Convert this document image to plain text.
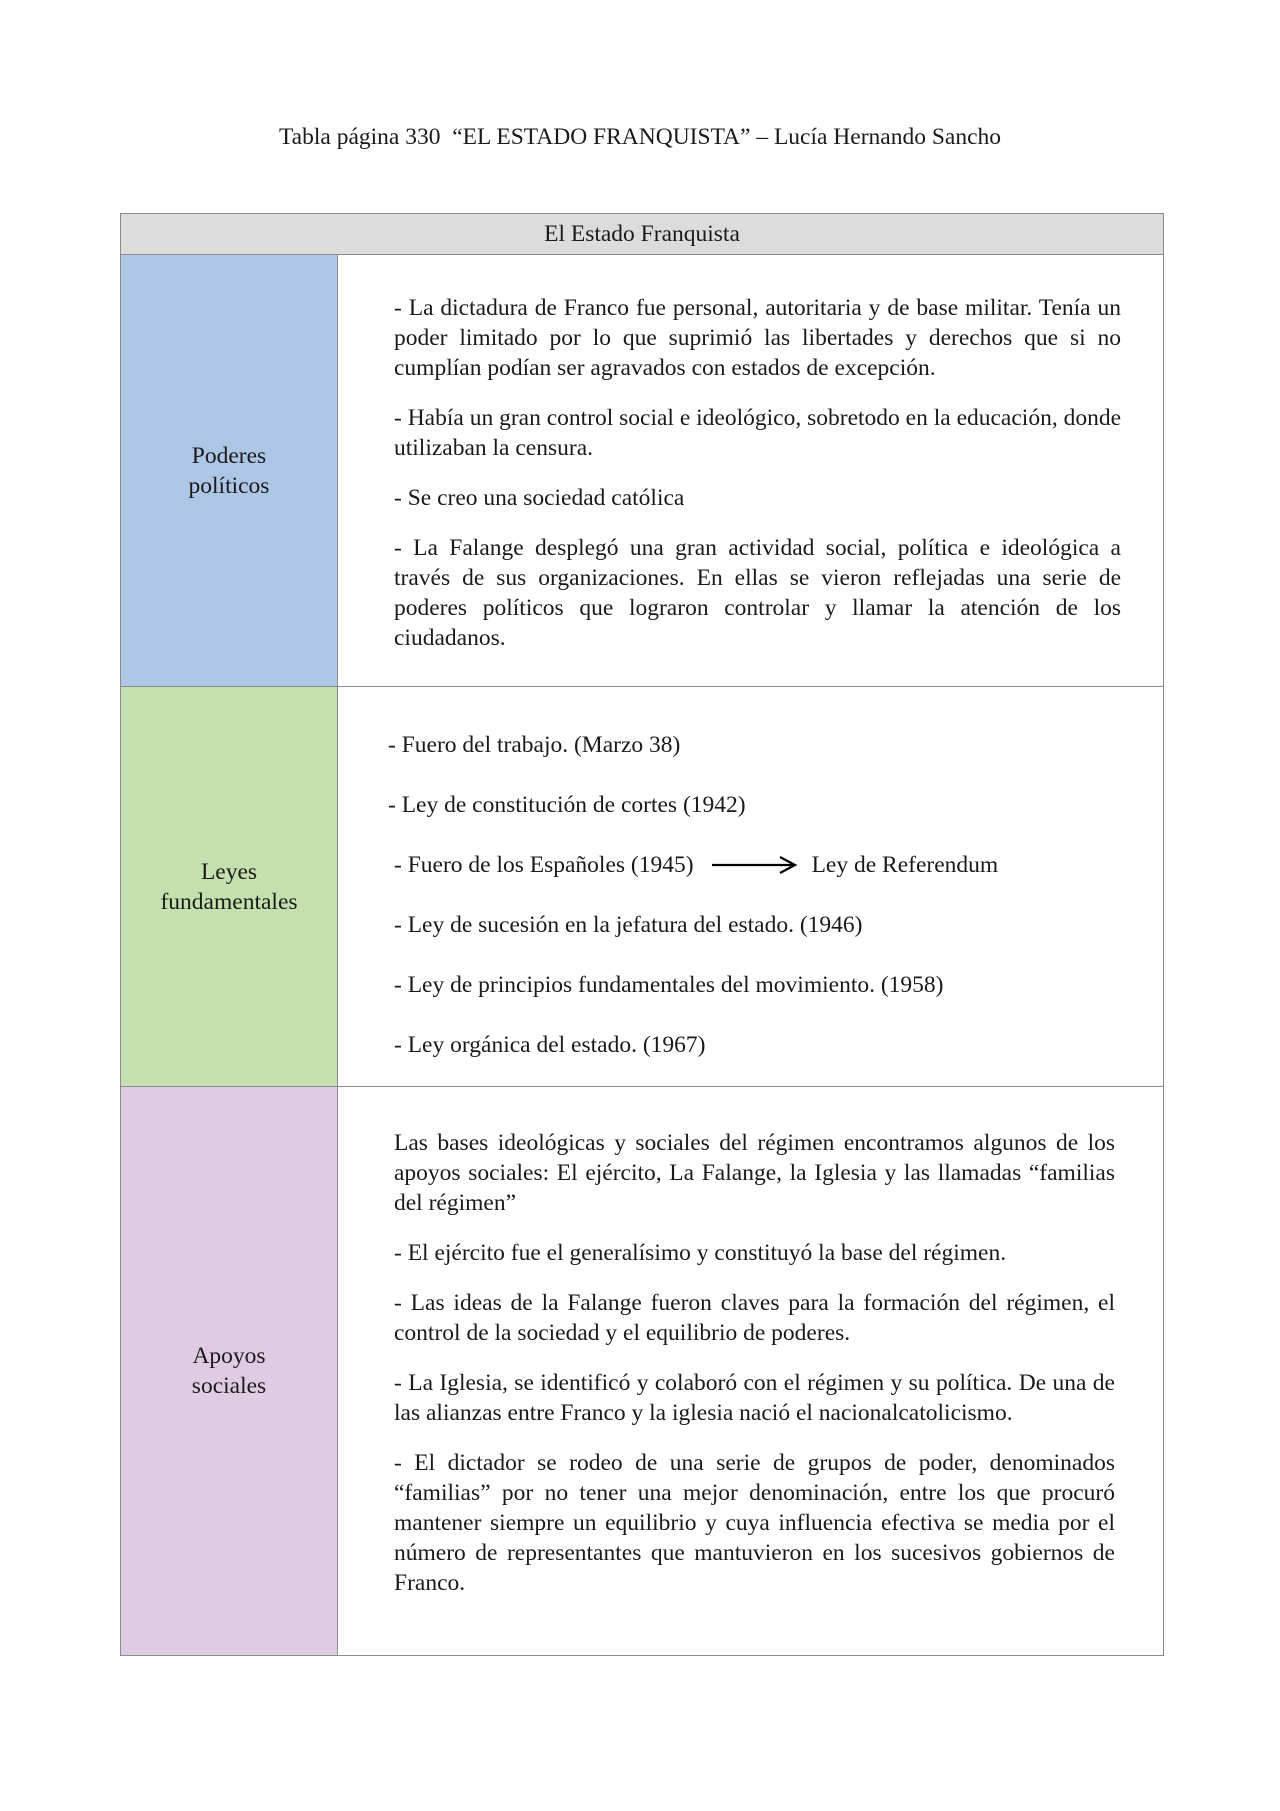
Tabla página 330  “EL ESTADO FRANQUISTA” – Lucía Hernando Sancho
El Estado Franquista
Poderes
políticos

- La dictadura de Franco fue personal, autoritaria y de base militar. Tenía un poder limitado por lo que suprimió las libertades y derechos que si no cumplían podían ser agravados con estados de excepción.

- Había un gran control social e ideológico, sobretodo en la educación, donde utilizaban la censura.

- Se creo una sociedad católica

- La Falange desplegó una gran actividad social, política e ideológica a través de sus organizaciones. En ellas se vieron reflejadas una serie de poderes políticos que lograron controlar y llamar la atención de los ciudadanos.

Leyes
fundamentales
- Fuero del trabajo. (Marzo 38)
- Ley de constitución de cortes (1942)
- Fuero de los Españoles (1945)	Ley de Referendum
- Ley de sucesión en la jefatura del estado. (1946)
- Ley de principios fundamentales del movimiento. (1958)
- Ley orgánica del estado. (1967)
Apoyos
sociales

Las bases ideológicas y sociales del régimen encontramos algunos de los apoyos sociales: El ejército, La Falange, la Iglesia y las llamadas “familias del régimen”

- El ejército fue el generalísimo y constituyó la base del régimen.

- Las ideas de la Falange fueron claves para la formación del régimen, el control de la sociedad y el equilibrio de poderes.

- La Iglesia, se identificó y colaboró con el régimen y su política. De una de las alianzas entre Franco y la iglesia nació el nacionalcatolicismo.

- El dictador se rodeo de una serie de grupos de poder, denominados “familias” por no tener una mejor denominación, entre los que procuró mantener siempre un equilibrio y cuya influencia efectiva se media por el número de representantes que mantuvieron en los sucesivos gobiernos de Franco.
